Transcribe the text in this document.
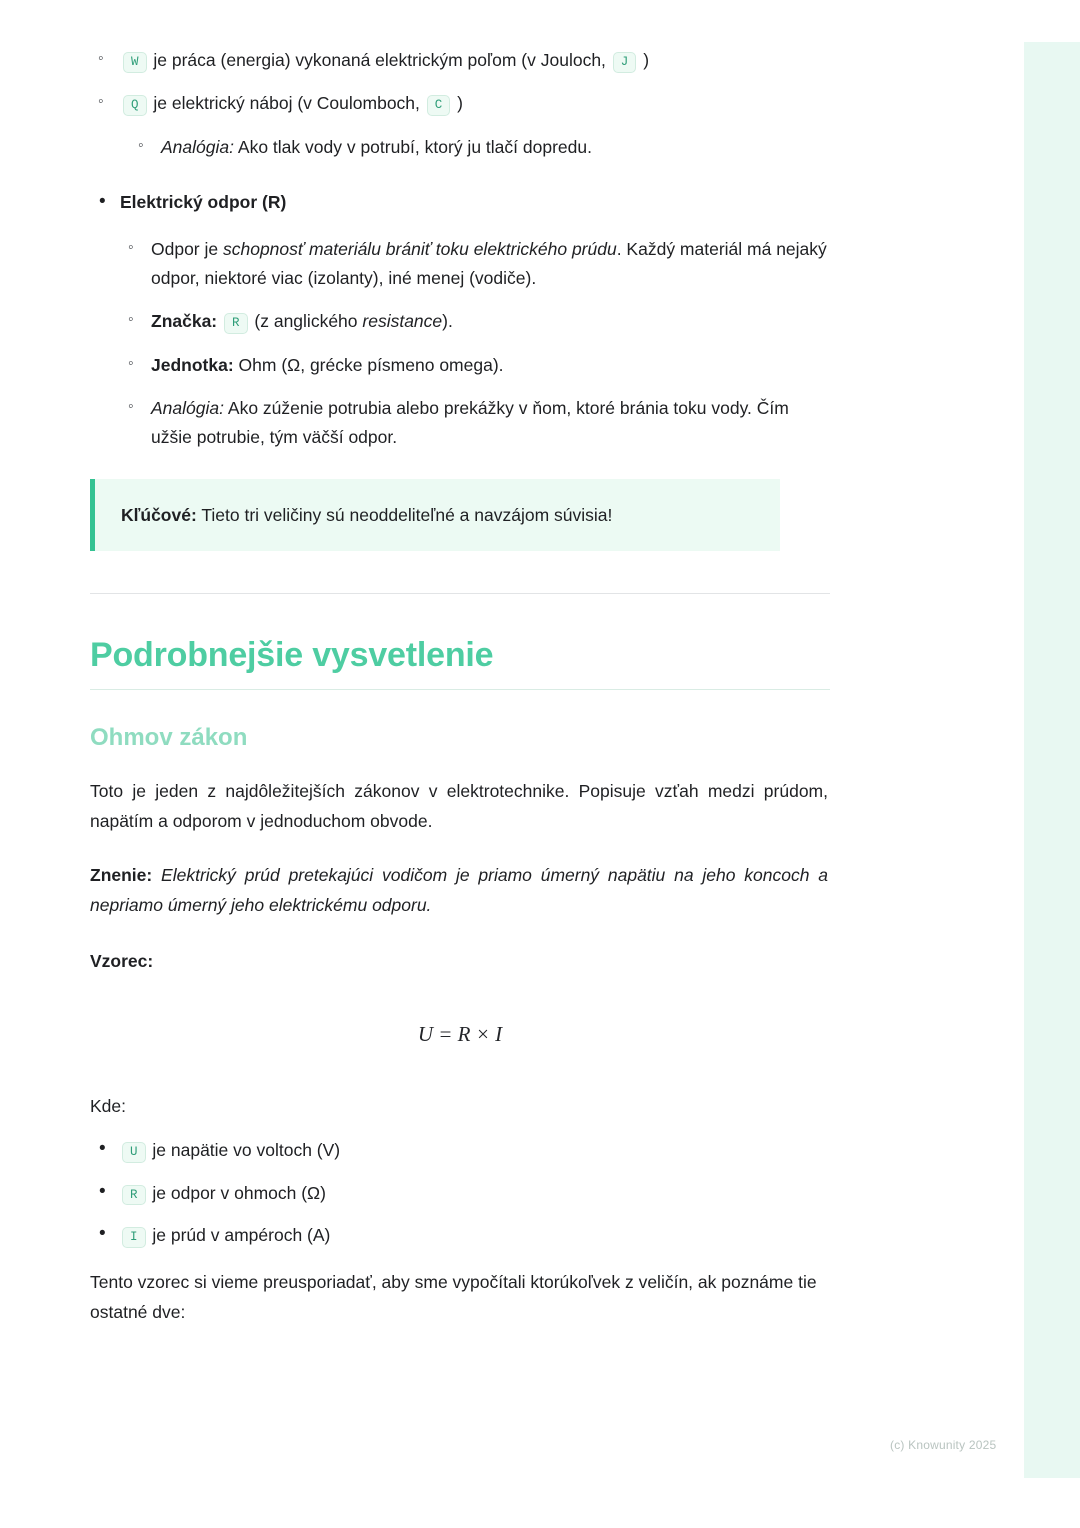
◦ W je práca (energia) vykonaná elektrickým poľom (v Jouloch, J )
◦ Q je elektrický náboj (v Coulomboch, C )
◦ Analógia: Ako tlak vody v potrubí, ktorý ju tlačí dopredu.
• Elektrický odpor (R)
◦ Odpor je schopnosť materiálu brániť toku elektrického prúdu. Každý materiál má nejaký odpor, niektoré viac (izolanty), iné menej (vodiče).
◦ Značka: R (z anglického resistance).
◦ Jednotka: Ohm (Ω, grécke písmeno omega).
◦ Analógia: Ako zúženie potrubia alebo prekážky v ňom, ktoré bránia toku vody. Čím užšie potrubie, tým väčší odpor.
Kľúčové: Tieto tri veličiny sú neoddeliteľné a navzájom súvisia!
Podrobnejšie vysvetlenie
Ohmov zákon

Toto je jeden z najdôležitejších zákonov v elektrotechnike. Popisuje vzťah medzi prúdom, napätím a odporom v jednoduchom obvode.

Znenie: Elektrický prúd pretekajúci vodičom je priamo úmerný napätiu na jeho koncoch a nepriamo úmerný jeho elektrickému odporu.

Vzorec:

U = R × I

Kde:

• U je napätie vo voltoch (V)
• R je odpor v ohmoch (Ω)
• I je prúd v ampéroch (A)

Tento vzorec si vieme preusporiadať, aby sme vypočítali ktorúkoľvek z veličín, ak poznáme tie ostatné dve:

(c) Knowunity 2025
